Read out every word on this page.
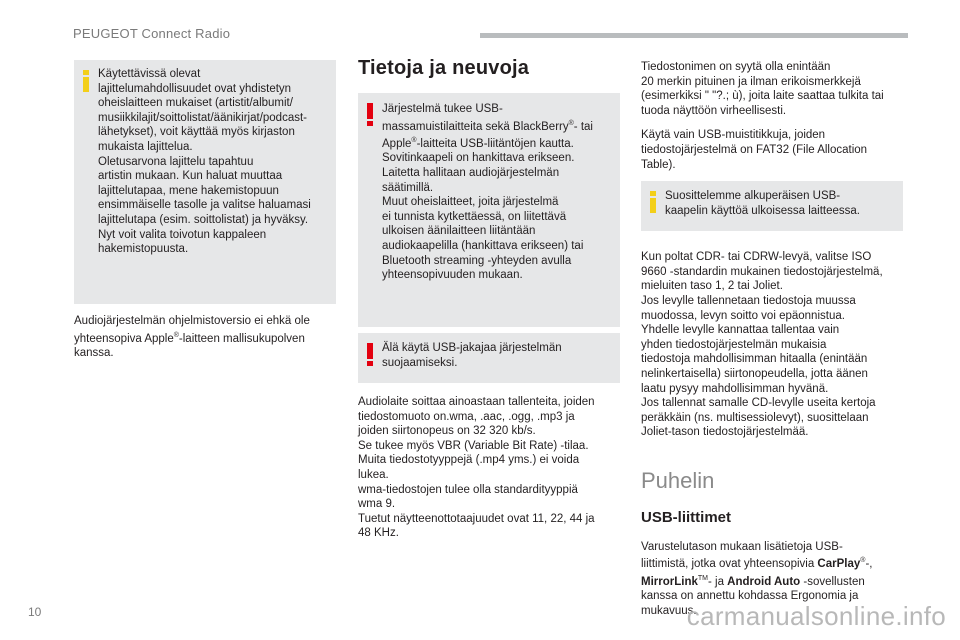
PEUGEOT Connect Radio
Käytettävissä olevat
lajittelumahdollisuudet ovat yhdistetyn
oheislaitteen mukaiset (artistit/albumit/
musiikkilajit/soittolistat/äänikirjat/podcast-
lähetykset), voit käyttää myös kirjaston
mukaista lajittelua.
Oletusarvona lajittelu tapahtuu
artistin mukaan. Kun haluat muuttaa
lajittelutapaa, mene hakemistopuun
ensimmäiselle tasolle ja valitse haluamasi
lajittelutapa (esim. soittolistat) ja hyväksy.
Nyt voit valita toivotun kappaleen
hakemistopuusta.

Audiojärjestelmän ohjelmistoversio ei ehkä ole
yhteensopiva Apple®-laitteen mallisukupolven
kanssa.

Tietoja ja neuvoja
Järjestelmä tukee USB-
massamuistilaitteita sekä BlackBerry®- tai
Apple®-laitteita USB-liitäntöjen kautta.
Sovitinkaapeli on hankittava erikseen.
Laitetta hallitaan audiojärjestelmän
säätimillä.
Muut oheislaitteet, joita järjestelmä
ei tunnista kytkettäessä, on liitettävä
ulkoisen äänilaitteen liitäntään
audiokaapelilla (hankittava erikseen) tai
Bluetooth streaming -yhteyden avulla
yhteensopivuuden mukaan.
Älä käytä USB-jakajaa järjestelmän
suojaamiseksi.

Audiolaite soittaa ainoastaan tallenteita, joiden
tiedostomuoto on.wma, .aac, .ogg, .mp3 ja
joiden siirtonopeus on 32 320 kb/s.
Se tukee myös VBR (Variable Bit Rate) -tilaa.
Muita tiedostotyyppejä (.mp4 yms.) ei voida
lukea.
wma-tiedostojen tulee olla standardityyppiä
wma 9.
Tuetut näytteenottotaajuudet ovat 11, 22, 44 ja
48 KHz.

Tiedostonimen on syytä olla enintään
20 merkin pituinen ja ilman erikoismerkkejä
(esimerkiksi " "?.; ù), joita laite saattaa tulkita tai
tuoda näyttöön virheellisesti.

Käytä vain USB-muistitikkuja, joiden
tiedostojärjestelmä on FAT32 (File Allocation
Table).

Suosittelemme alkuperäisen USB-
kaapelin käyttöä ulkoisessa laitteessa.

Kun poltat CDR- tai CDRW-levyä, valitse ISO
9660 -standardin mukainen tiedostojärjestelmä,
mieluiten taso 1, 2 tai Joliet.
Jos levylle tallennetaan tiedostoja muussa
muodossa, levyn soitto voi epäonnistua.
Yhdelle levylle kannattaa tallentaa vain
yhden tiedostojärjestelmän mukaisia
tiedostoja mahdollisimman hitaalla (enintään
nelinkertaisella) siirtonopeudella, jotta äänen
laatu pysyy mahdollisimman hyvänä.
Jos tallennat samalle CD-levylle useita kertoja
peräkkäin (ns. multisessiolevyt), suosittelaan
Joliet-tason tiedostojärjestelmää.

Puhelin
USB-liittimet

Varustelutason mukaan lisätietoja USB-
liittimistä, jotka ovat yhteensopivia CarPlay®-,
MirrorLink™- ja Android Auto -sovellusten
kanssa on annettu kohdassa Ergonomia ja
mukavuus.

10	carmanualsonline.info
